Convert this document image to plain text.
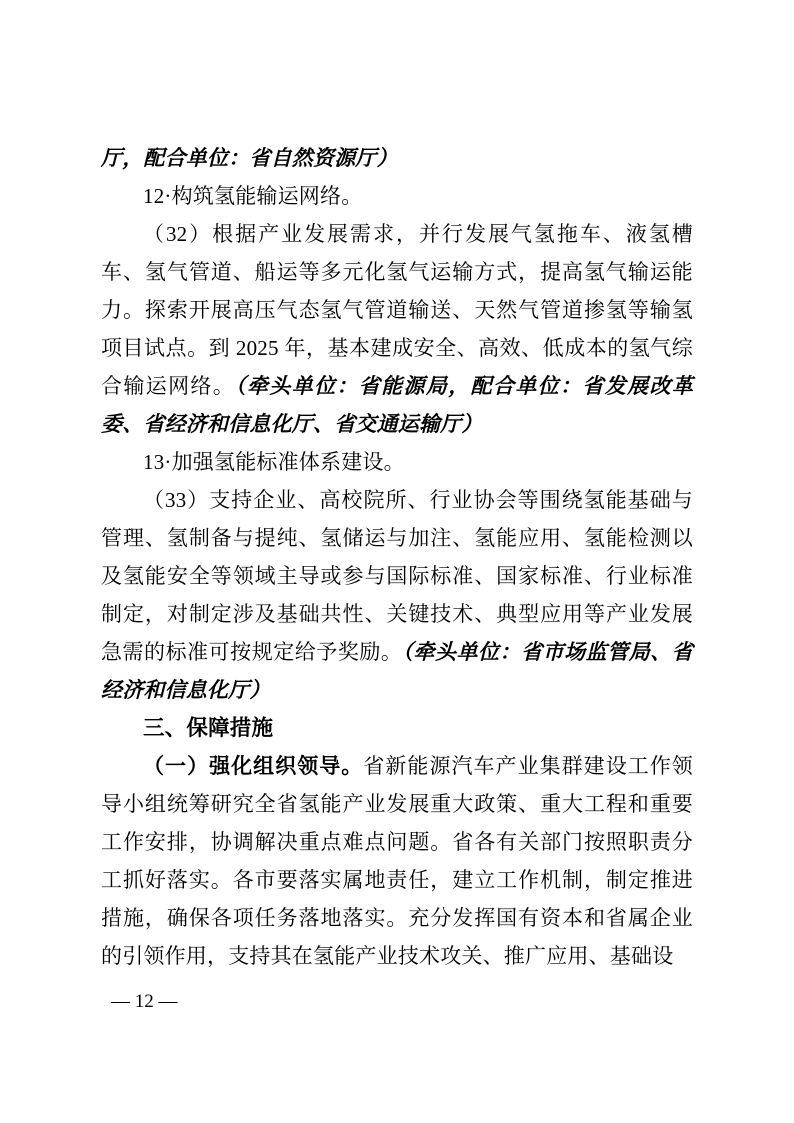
厅，配合单位：省自然资源厅）

12·构筑氢能输运网络。

（32）根据产业发展需求，并行发展气氢拖车、液氢槽车、氢气管道、船运等多元化氢气运输方式，提高氢气输运能力。探索开展高压气态氢气管道输送、天然气管道掺氢等输氢项目试点。到 2025 年，基本建成安全、高效、低成本的氢气综合输运网络。（牵头单位：省能源局，配合单位：省发展改革委、省经济和信息化厅、省交通运输厅）

13·加强氢能标准体系建设。

（33）支持企业、高校院所、行业协会等围绕氢能基础与管理、氢制备与提纯、氢储运与加注、氢能应用、氢能检测以及氢能安全等领域主导或参与国际标准、国家标准、行业标准制定，对制定涉及基础共性、关键技术、典型应用等产业发展急需的标准可按规定给予奖励。（牵头单位：省市场监管局、省经济和信息化厅）

三、保障措施

（一）强化组织领导。省新能源汽车产业集群建设工作领导小组统筹研究全省氢能产业发展重大政策、重大工程和重要工作安排，协调解决重点难点问题。省各有关部门按照职责分工抓好落实。各市要落实属地责任，建立工作机制，制定推进措施，确保各项任务落地落实。充分发挥国有资本和省属企业的引领作用，支持其在氢能产业技术攻关、推广应用、基础设

— 12 —
